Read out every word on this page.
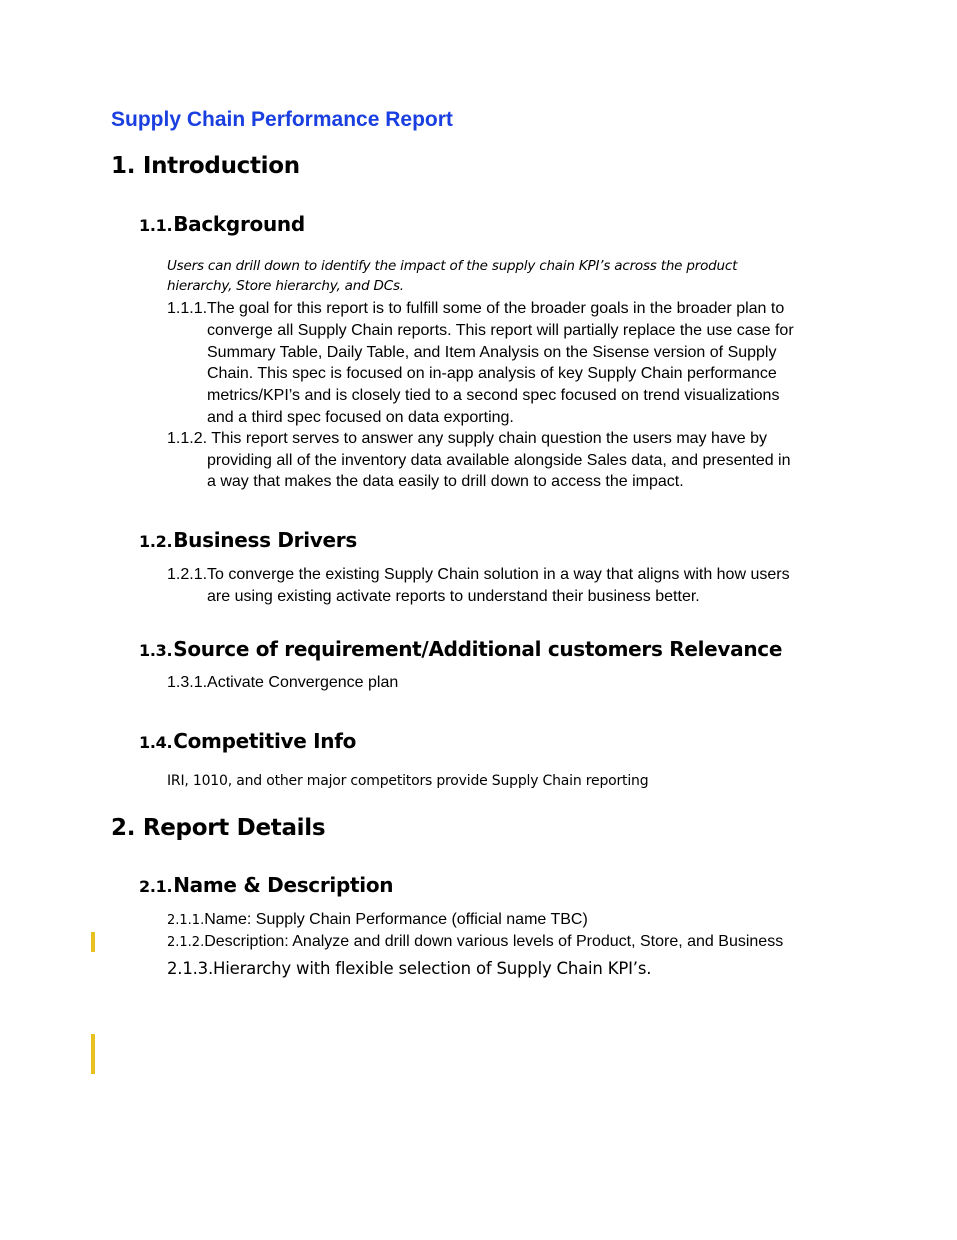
Supply Chain Performance Report
1. Introduction
1.1.Background
Users can drill down to identify the impact of the supply chain KPI’s across the product
hierarchy, Store hierarchy, and DCs.
1.1.1.The goal for this report is to fulfill some of the broader goals in the broader plan to
converge all Supply Chain reports. This report will partially replace the use case for
Summary Table, Daily Table, and Item Analysis on the Sisense version of Supply
Chain. This spec is focused on in-app analysis of key Supply Chain performance
metrics/KPI’s and is closely tied to a second spec focused on trend visualizations
and a third spec focused on data exporting.
1.1.2. This report serves to answer any supply chain question the users may have by
providing all of the inventory data available alongside Sales data, and presented in
a way that makes the data easily to drill down to access the impact.
1.2.Business Drivers
1.2.1.To converge the existing Supply Chain solution in a way that aligns with how users
are using existing activate reports to understand their business better.
1.3.Source of requirement/Additional customers Relevance
1.3.1.Activate Convergence plan
1.4.Competitive Info
IRI, 1010, and other major competitors provide Supply Chain reporting
2. Report Details
2.1.Name & Description
2.1.1.Name: Supply Chain Performance (official name TBC)
2.1.2.Description: Analyze and drill down various levels of Product, Store, and Business
2.1.3.Hierarchy with flexible selection of Supply Chain KPI’s.
